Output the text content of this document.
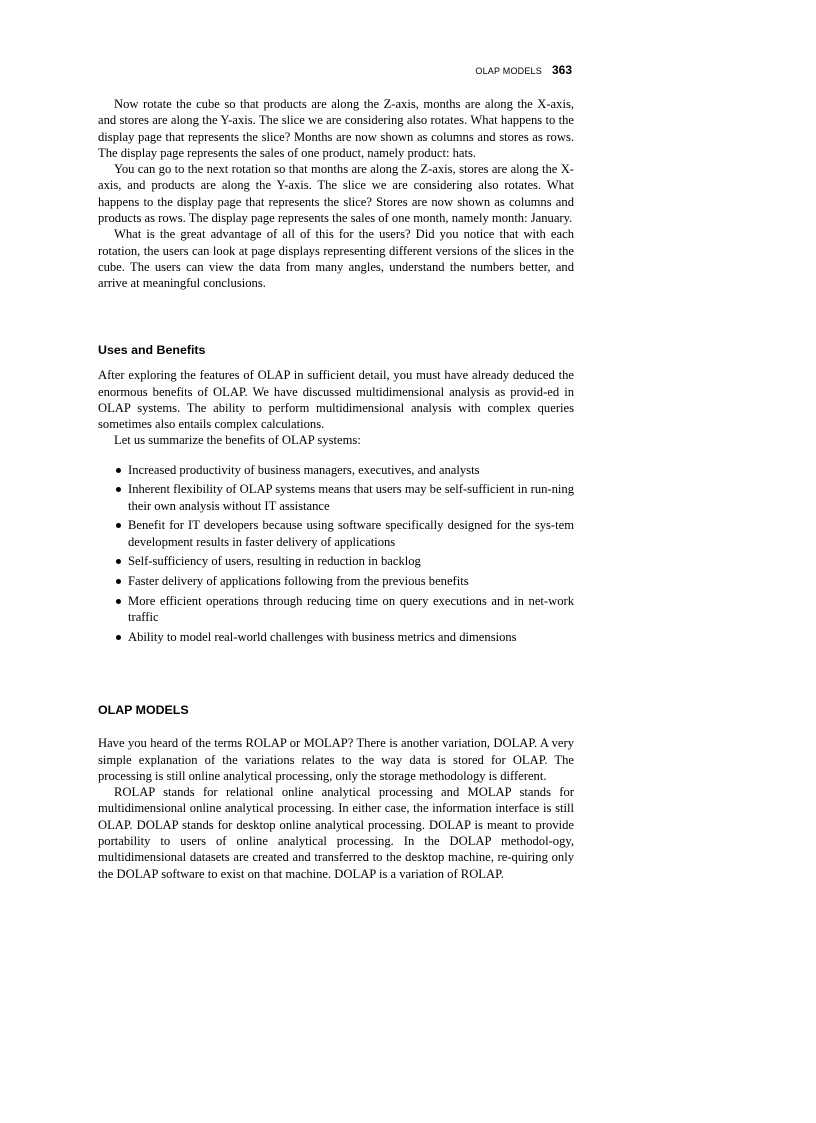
OLAP MODELS 363

Now rotate the cube so that products are along the Z-axis, months are along the X-axis, and stores are along the Y-axis. The slice we are considering also rotates. What happens to the display page that represents the slice? Months are now shown as columns and stores as rows. The display page represents the sales of one product, namely product: hats.

You can go to the next rotation so that months are along the Z-axis, stores are along the X-axis, and products are along the Y-axis. The slice we are considering also rotates. What happens to the display page that represents the slice? Stores are now shown as columns and products as rows. The display page represents the sales of one month, namely month: January.

What is the great advantage of all of this for the users? Did you notice that with each rotation, the users can look at page displays representing different versions of the slices in the cube. The users can view the data from many angles, understand the numbers better, and arrive at meaningful conclusions.

Uses and Benefits

After exploring the features of OLAP in sufficient detail, you must have already deduced the enormous benefits of OLAP. We have discussed multidimensional analysis as provid-ed in OLAP systems. The ability to perform multidimensional analysis with complex queries sometimes also entails complex calculations.

Let us summarize the benefits of OLAP systems:

Increased productivity of business managers, executives, and analysts
Inherent flexibility of OLAP systems means that users may be self-sufficient in run-ning their own analysis without IT assistance
Benefit for IT developers because using software specifically designed for the sys-tem development results in faster delivery of applications
Self-sufficiency of users, resulting in reduction in backlog
Faster delivery of applications following from the previous benefits
More efficient operations through reducing time on query executions and in net-work traffic
Ability to model real-world challenges with business metrics and dimensions
OLAP MODELS

Have you heard of the terms ROLAP or MOLAP? There is another variation, DOLAP. A very simple explanation of the variations relates to the way data is stored for OLAP. The processing is still online analytical processing, only the storage methodology is different.

ROLAP stands for relational online analytical processing and MOLAP stands for multidimensional online analytical processing. In either case, the information interface is still OLAP. DOLAP stands for desktop online analytical processing. DOLAP is meant to provide portability to users of online analytical processing. In the DOLAP methodol-ogy, multidimensional datasets are created and transferred to the desktop machine, re-quiring only the DOLAP software to exist on that machine. DOLAP is a variation of ROLAP.
